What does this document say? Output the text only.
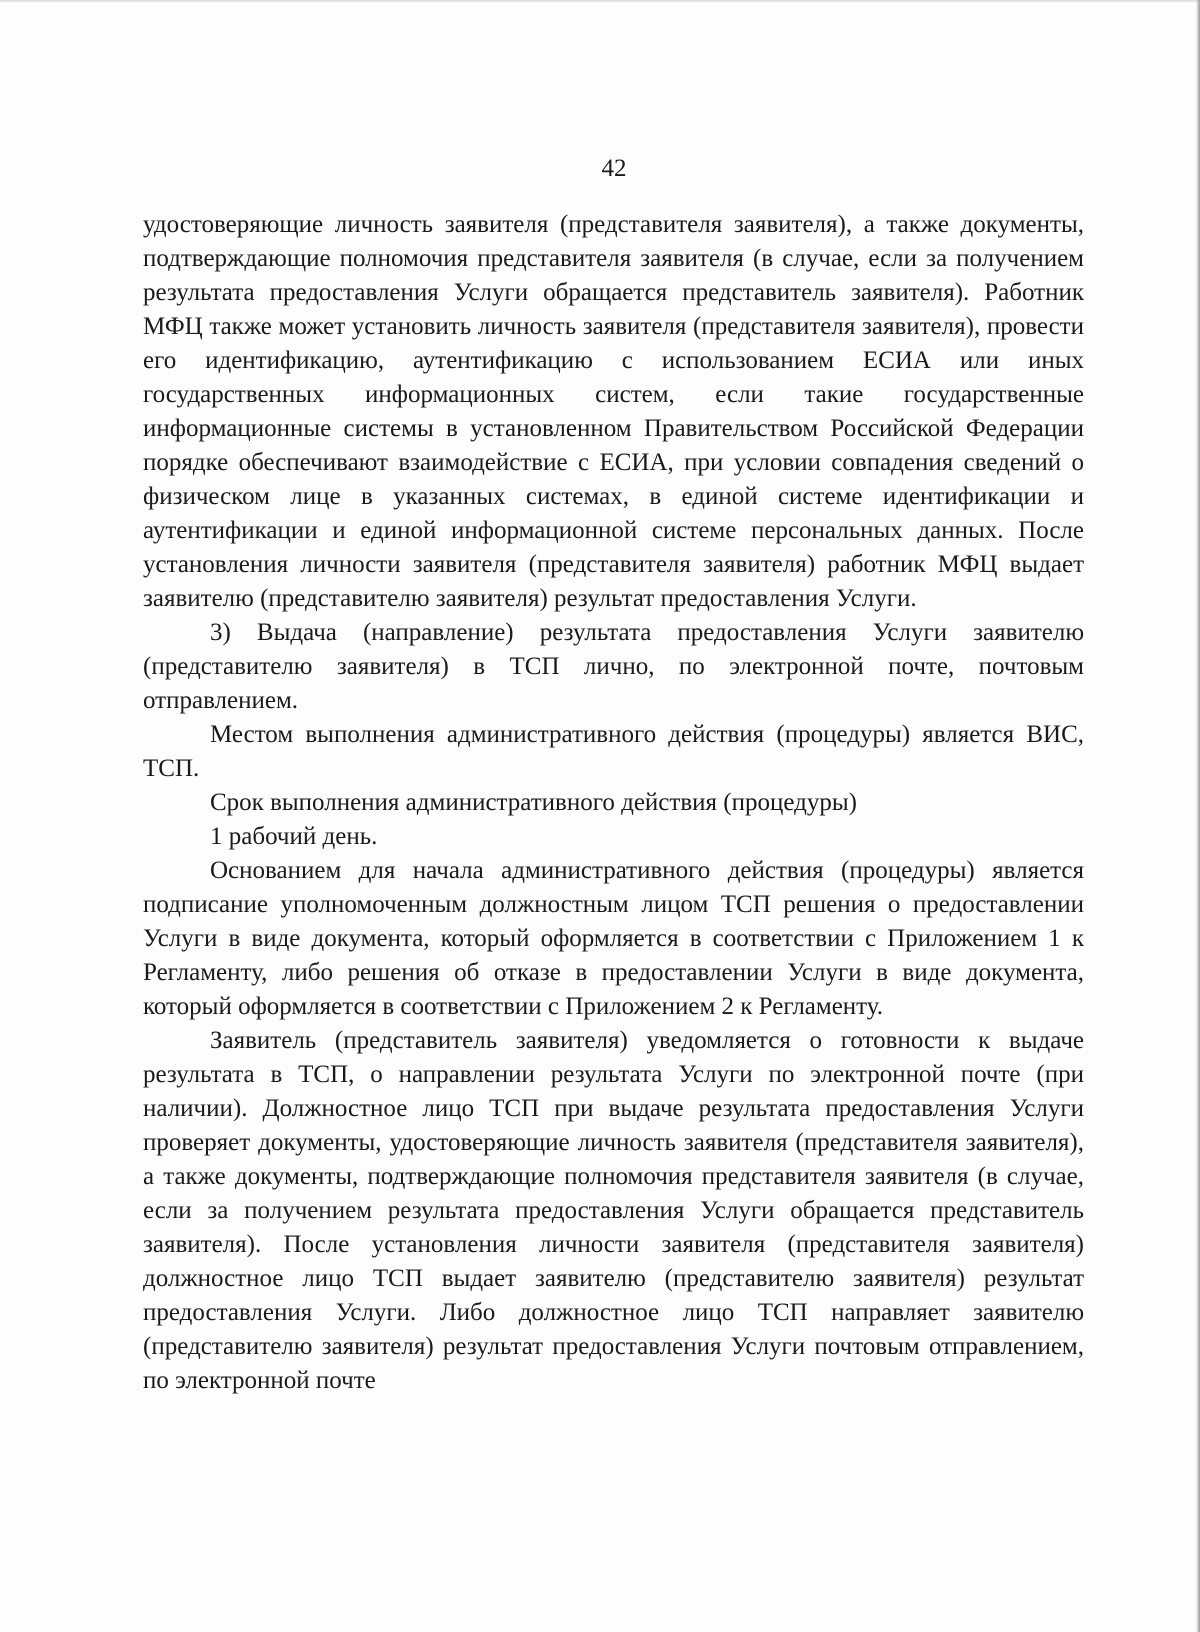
42

удостоверяющие личность заявителя (представителя заявителя), а также документы, подтверждающие полномочия представителя заявителя (в случае, если за получением результата предоставления Услуги обращается представитель заявителя). Работник МФЦ также может установить личность заявителя (представителя заявителя), провести его идентификацию, аутентификацию с использованием ЕСИА или иных государственных информационных систем, если такие государственные информационные системы в установленном Правительством Российской Федерации порядке обеспечивают взаимодействие с ЕСИА, при условии совпадения сведений о физическом лице в указанных системах, в единой системе идентификации и аутентификации и единой информационной системе персональных данных. После установления личности заявителя (представителя заявителя) работник МФЦ выдает заявителю (представителю заявителя) результат предоставления Услуги.

3) Выдача (направление) результата предоставления Услуги заявителю (представителю заявителя) в ТСП лично, по электронной почте, почтовым отправлением.

Местом выполнения административного действия (процедуры) является ВИС, ТСП.

Срок выполнения административного действия (процедуры)

1 рабочий день.

Основанием для начала административного действия (процедуры) является подписание уполномоченным должностным лицом ТСП решения о предоставлении Услуги в виде документа, который оформляется в соответствии с Приложением 1 к Регламенту, либо решения об отказе в предоставлении Услуги в виде документа, который оформляется в соответствии с Приложением 2 к Регламенту.

Заявитель (представитель заявителя) уведомляется о готовности к выдаче результата в ТСП, о направлении результата Услуги по электронной почте (при наличии). Должностное лицо ТСП при выдаче результата предоставления Услуги проверяет документы, удостоверяющие личность заявителя (представителя заявителя), а также документы, подтверждающие полномочия представителя заявителя (в случае, если за получением результата предоставления Услуги обращается представитель заявителя). После установления личности заявителя (представителя заявителя) должностное лицо ТСП выдает заявителю (представителю заявителя) результат предоставления Услуги. Либо должностное лицо ТСП направляет заявителю (представителю заявителя) результат предоставления Услуги почтовым отправлением, по электронной почте
